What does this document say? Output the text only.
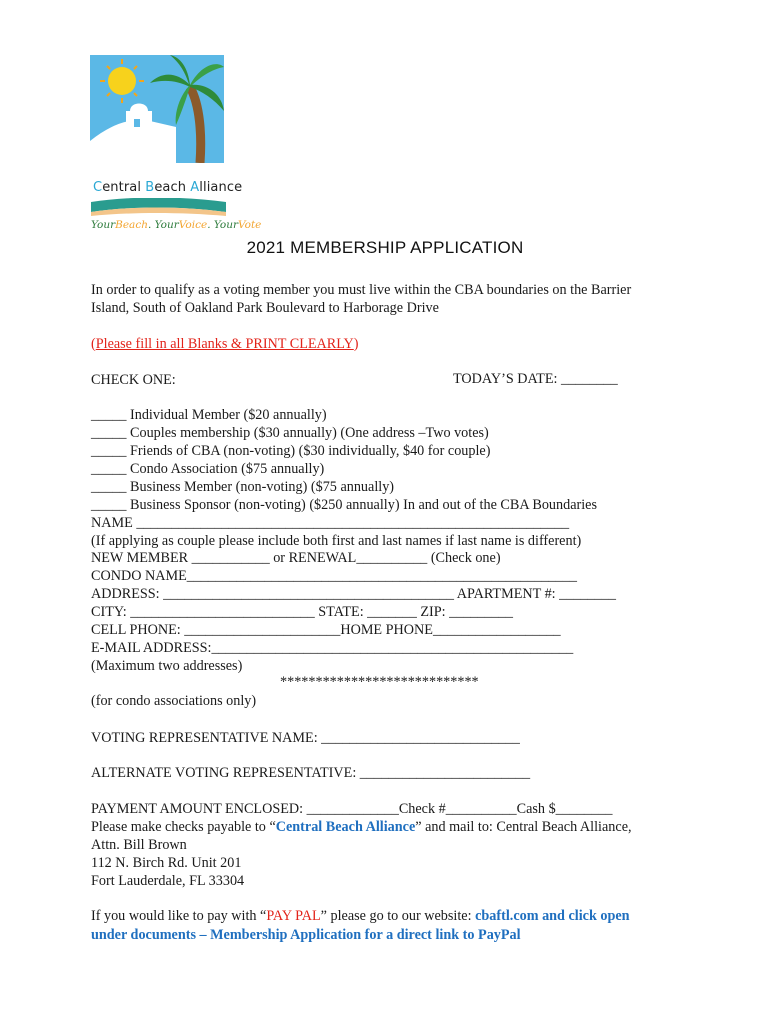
Central Beach Alliance
YourBeach. YourVoice. YourVote
2021 MEMBERSHIP APPLICATION
In order to qualify as a voting member you must live within the CBA boundaries on the Barrier
Island, South of Oakland Park Boulevard to Harborage Drive
(Please fill in all Blanks & PRINT CLEARLY)
CHECK ONE:	TODAY’S DATE: ________
_____ Individual Member ($20 annually)
_____ Couples membership ($30 annually) (One address –Two votes)
_____ Friends of CBA (non-voting) ($30 individually, $40 for couple)
_____ Condo Association ($75 annually)
_____ Business Member (non-voting) ($75 annually)
_____ Business Sponsor (non-voting) ($250 annually) In and out of the CBA Boundaries
NAME _____________________________________________________________
(If applying as couple please include both first and last names if last name is different)
NEW MEMBER ___________ or RENEWAL__________ (Check one)
CONDO NAME_______________________________________________________
ADDRESS: _________________________________________ APARTMENT #: ________
CITY: __________________________ STATE: _______ ZIP: _________
CELL PHONE: ______________________HOME PHONE__________________
E-MAIL ADDRESS:___________________________________________________
(Maximum two addresses)
****************************
(for condo associations only)
VOTING REPRESENTATIVE NAME: ____________________________
ALTERNATE VOTING REPRESENTATIVE: ________________________
PAYMENT AMOUNT ENCLOSED: _____________Check #__________Cash $________
Please make checks payable to “Central Beach Alliance” and mail to: Central Beach Alliance,
Attn. Bill Brown
112 N. Birch Rd. Unit 201
Fort Lauderdale, FL 33304
If you would like to pay with “PAY PAL” please go to our website: cbaftl.com and click open
under documents – Membership Application for a direct link to PayPal
